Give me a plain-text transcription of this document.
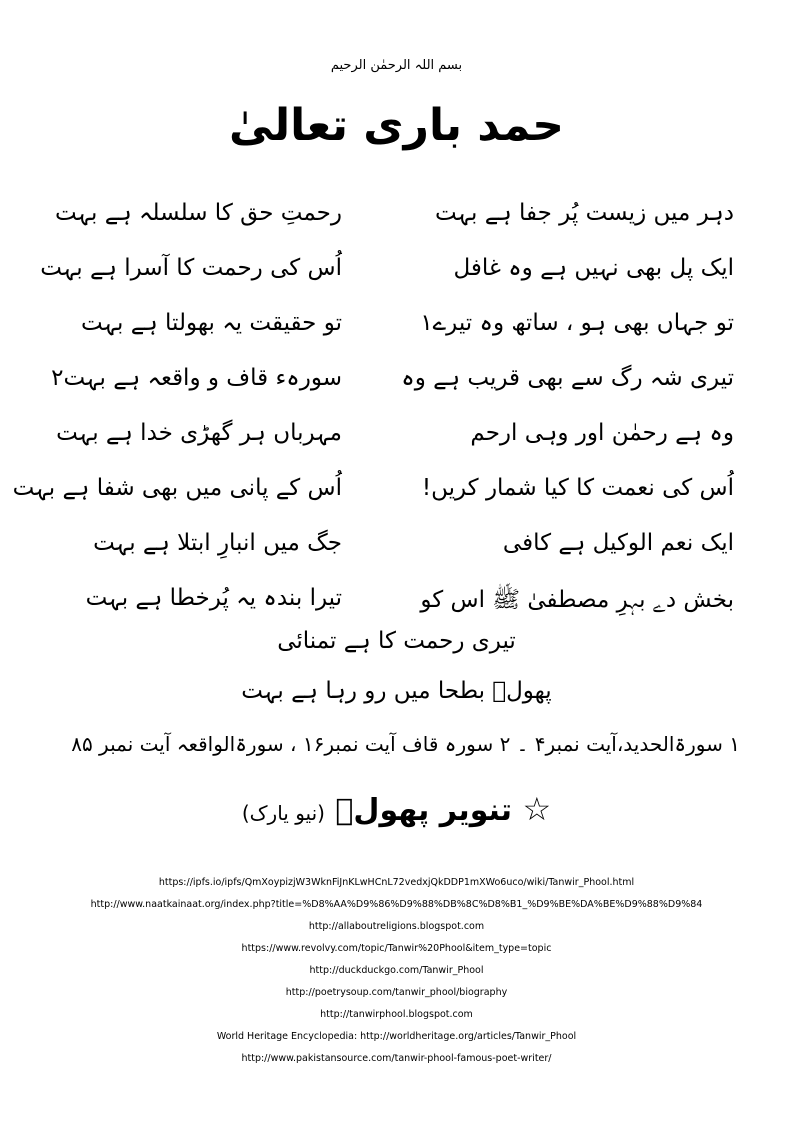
بسم اللہ الرحمٰن الرحیم
حمد باری تعالیٰ
دہر میں زیست پُر جفا ہے بہت
رحمتِ حق کا سلسلہ ہے بہت
ایک پل بھی نہیں ہے وہ غافل
اُس کی رحمت کا آسرا ہے بہت
تو جہاں بھی ہو ، ساتھ وہ تیرے۱
تو حقیقت یہ بھولتا ہے بہت
تیری شہ رگ سے بھی قریب ہے وہ
سورہء قاف و واقعہ ہے بہت۲
وہ ہے رحمٰن اور وہی ارحم
مہرباں ہر گھڑی خدا ہے بہت
اُس کی نعمت کا کیا شمار کریں!
اُس کے پانی میں بھی شفا ہے بہت
ایک نعم الوکیل ہے کافی
جگ میں انبارِ ابتلا ہے بہت
بخش دے بہرِ مصطفیٰ ﷺ اس کو
تیرا بندہ یہ پُرخطا ہے بہت
تیری رحمت کا ہے تمنائی
پھولؔ بطحا میں رو رہا ہے بہت
۱ سورۃالحدید،آیت نمبر۴ ۔ ۲ سورہ قاف آیت نمبر۱۶ ، سورۃالواقعہ آیت نمبر ۸۵
☆ تنویر پھولؔ (نیو یارک)
https://ipfs.io/ipfs/QmXoypizjW3WknFiJnKLwHCnL72vedxjQkDDP1mXWo6uco/wiki/Tanwir_Phool.html
http://www.naatkainaat.org/index.php?title=%D8%AA%D9%86%D9%88%DB%8C%D8%B1_%D9%BE%DA%BE%D9%88%D9%84
http://allaboutreligions.blogspot.com
https://www.revolvy.com/topic/Tanwir%20Phool&item_type=topic
http://duckduckgo.com/Tanwir_Phool
http://poetrysoup.com/tanwir_phool/biography
http://tanwirphool.blogspot.com
World Heritage Encyclopedia: http://worldheritage.org/articles/Tanwir_Phool
http://www.pakistansource.com/tanwir-phool-famous-poet-writer/
